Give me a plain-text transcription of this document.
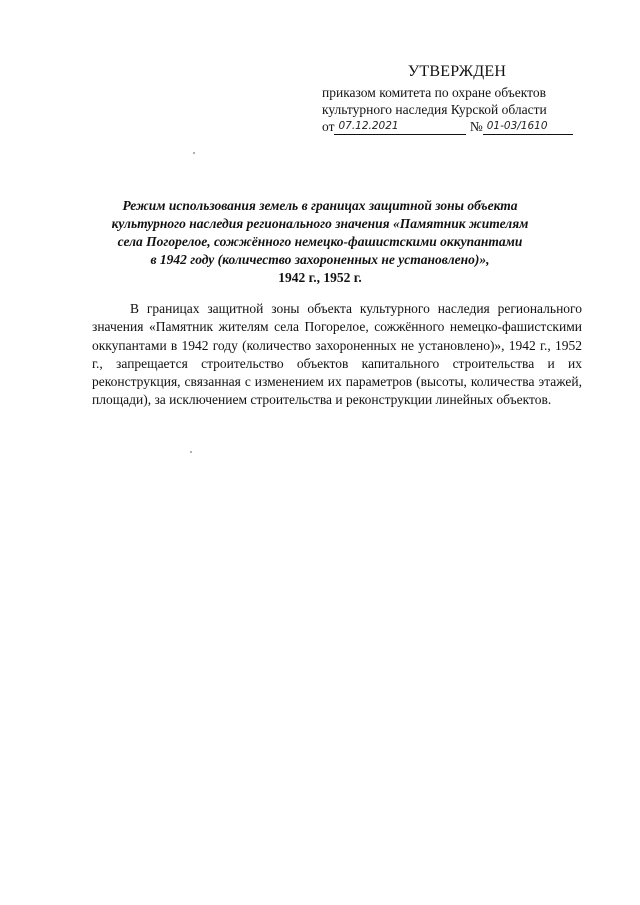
УТВЕРЖДЕН
приказом комитета по охране объектов
культурного наследия Курской области
от 07.12.2021	№ 01-03/1610
Режим использования земель в границах защитной зоны объекта
культурного наследия регионального значения «Памятник жителям
села Погорелое, сожжённого немецко-фашистскими оккупантами
в 1942 году (количество захороненных не установлено)»,
1942 г., 1952 г.
В границах защитной зоны объекта культурного наследия регионального значения «Памятник жителям села Погорелое, сожжённого немецко-фашистскими оккупантами в 1942 году (количество захороненных не установлено)», 1942 г., 1952 г., запрещается строительство объектов капитального строительства и их реконструкция, связанная с изменением их параметров (высоты, количества этажей, площади), за исключением строительства и реконструкции линейных объектов.
